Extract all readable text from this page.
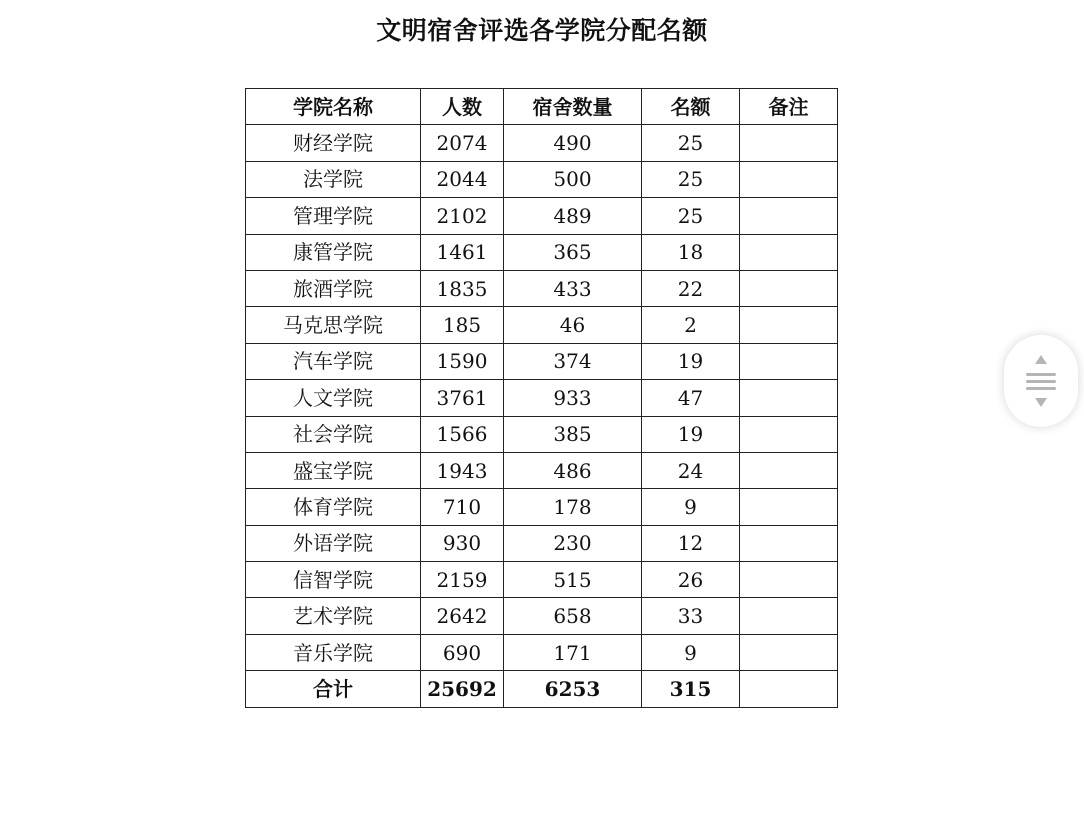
文明宿舍评选各学院分配名额
学院名称	人数	宿舍数量	名额	备注
财经学院	2074	490	25	
法学院	2044	500	25	
管理学院	2102	489	25	
康管学院	1461	365	18	
旅酒学院	1835	433	22	
马克思学院	185	46	2	
汽车学院	1590	374	19	
人文学院	3761	933	47	
社会学院	1566	385	19	
盛宝学院	1943	486	24	
体育学院	710	178	9	
外语学院	930	230	12	
信智学院	2159	515	26	
艺术学院	2642	658	33	
音乐学院	690	171	9	
合计	25692	6253	315	
